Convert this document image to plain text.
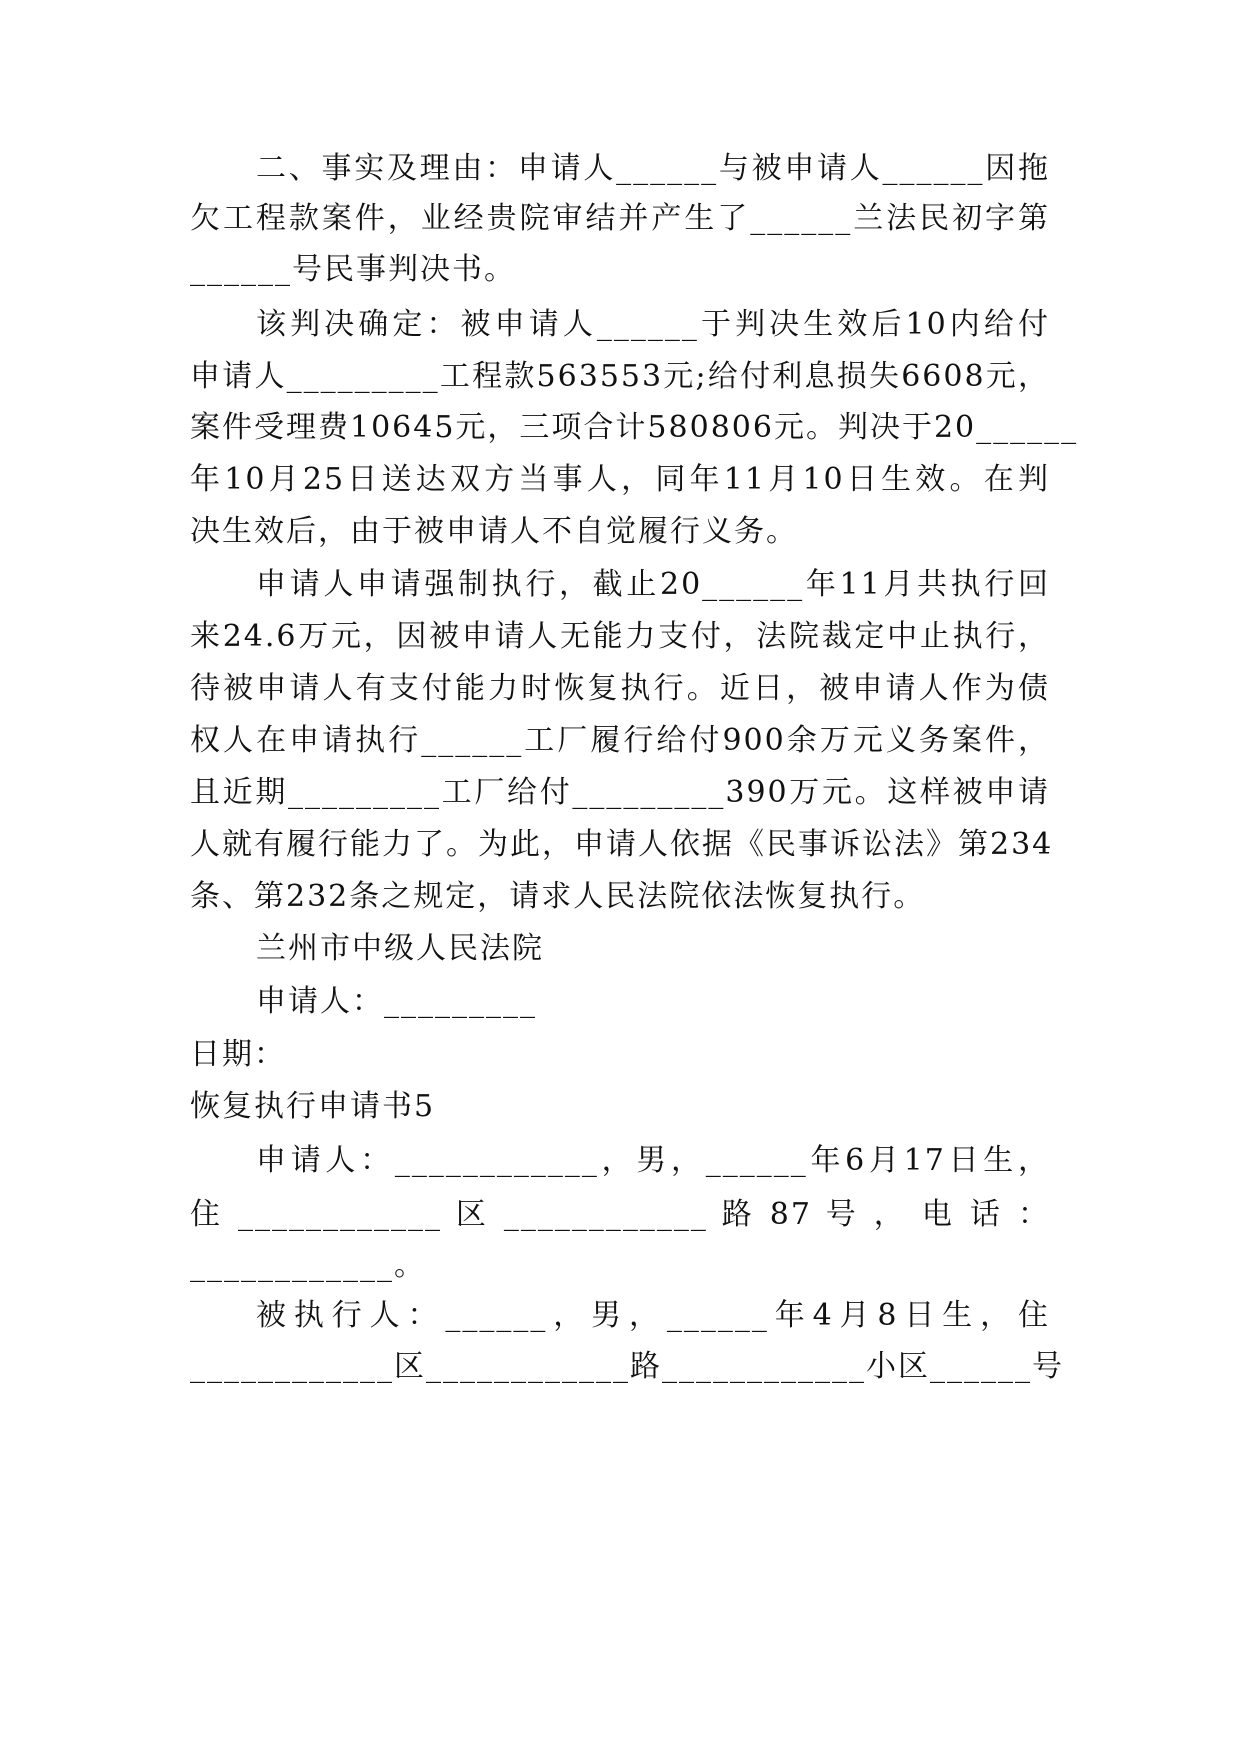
二、事实及理由：申请人______与被申请人______因拖
欠工程款案件，业经贵院审结并产生了______兰法民初字第
______号民事判决书。
该判决确定：被申请人______于判决生效后10内给付
申请人_________工程款563553元;给付利息损失6608元，
案件受理费10645元，三项合计580806元。判决于20______
年10月25日送达双方当事人，同年11月10日生效。在判
决生效后，由于被申请人不自觉履行义务。
申请人申请强制执行，截止20______年11月共执行回
来24.6万元，因被申请人无能力支付，法院裁定中止执行，
待被申请人有支付能力时恢复执行。近日，被申请人作为债
权人在申请执行______工厂履行给付900余万元义务案件，
且近期_________工厂给付_________390万元。这样被申请
人就有履行能力了。为此，申请人依据《民事诉讼法》第234
条、第232条之规定，请求人民法院依法恢复执行。
兰州市中级人民法院
申请人：_________
日期：
恢复执行申请书5
申请人：____________，男，______年6月17日生，
住 ____________ 区 ____________ 路 87 号 ， 电 话 ：
____________。
被执行人：______，男，______年4月8日生，住
____________区____________路____________小区______号
